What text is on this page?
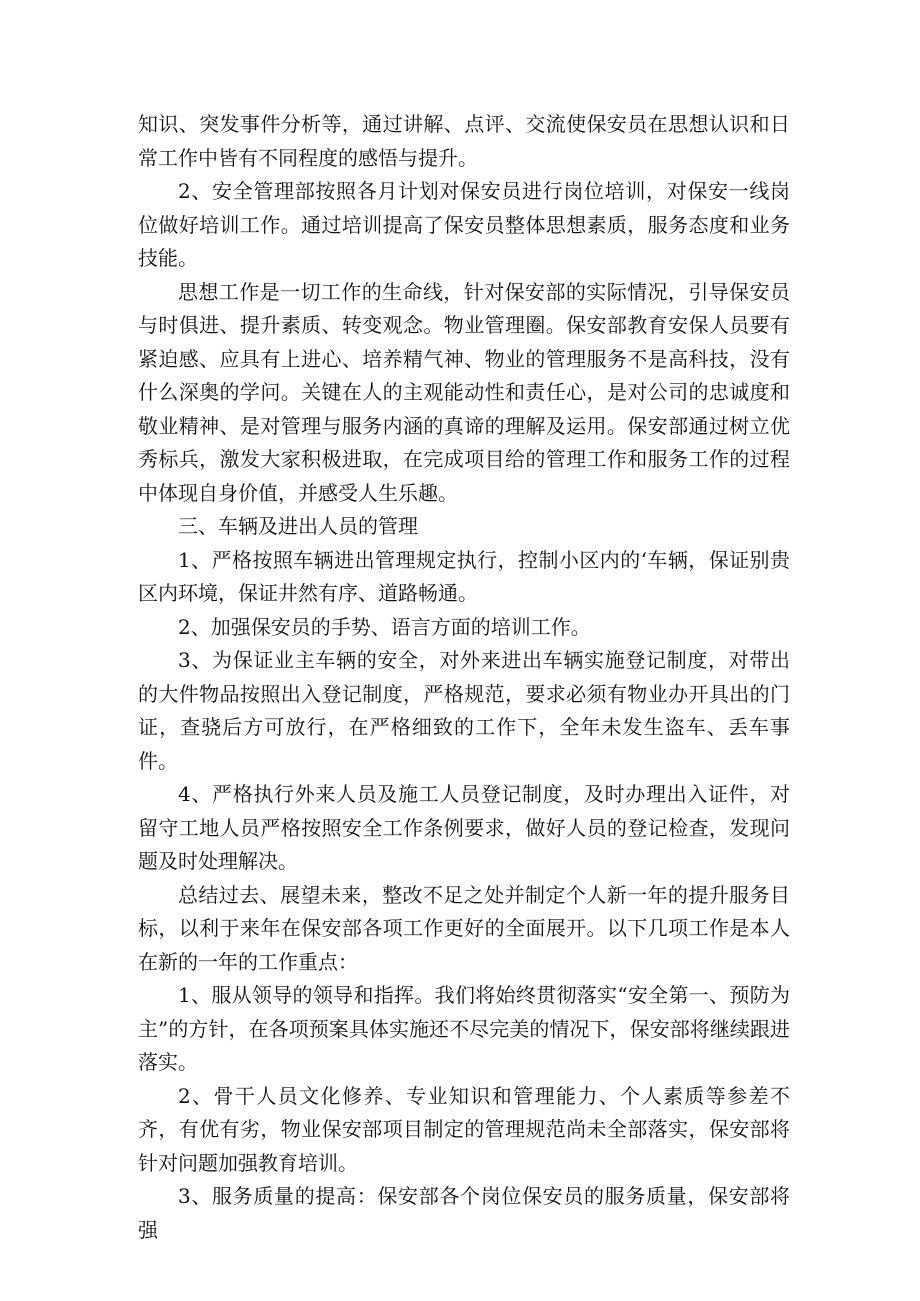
知识、突发事件分析等，通过讲解、点评、交流使保安员在思想认识和日常工作中皆有不同程度的感悟与提升。

2、安全管理部按照各月计划对保安员进行岗位培训，对保安一线岗位做好培训工作。通过培训提高了保安员整体思想素质，服务态度和业务技能。

思想工作是一切工作的生命线，针对保安部的实际情况，引导保安员与时俱进、提升素质、转变观念。物业管理圈。保安部教育安保人员要有紧迫感、应具有上进心、培养精气神、物业的管理服务不是高科技，没有什么深奥的学问。关键在人的主观能动性和责任心，是对公司的忠诚度和敬业精神、是对管理与服务内涵的真谛的理解及运用。保安部通过树立优秀标兵，激发大家积极进取，在完成项目给的管理工作和服务工作的过程中体现自身价值，并感受人生乐趣。

三、车辆及进出人员的管理

1、严格按照车辆进出管理规定执行，控制小区内的‘车辆，保证别贵区内环境，保证井然有序、道路畅通。

2、加强保安员的手势、语言方面的培训工作。

3、为保证业主车辆的安全，对外来进出车辆实施登记制度，对带出的大件物品按照出入登记制度，严格规范，要求必须有物业办开具出的门证，查骁后方可放行，在严格细致的工作下，全年未发生盗车、丢车事件。

4、严格执行外来人员及施工人员登记制度，及时办理出入证件，对留守工地人员严格按照安全工作条例要求，做好人员的登记检查，发现问题及时处理解决。

总结过去、展望未来，整改不足之处并制定个人新一年的提升服务目标，以利于来年在保安部各项工作更好的全面展开。以下几项工作是本人在新的一年的工作重点：

1、服从领导的领导和指挥。我们将始终贯彻落实“安全第一、预防为主”的方针，在各项预案具体实施还不尽完美的情况下，保安部将继续跟进落实。

2、骨干人员文化修养、专业知识和管理能力、个人素质等参差不齐，有优有劣，物业保安部项目制定的管理规范尚未全部落实，保安部将针对问题加强教育培训。

3、服务质量的提高：保安部各个岗位保安员的服务质量，保安部将强
